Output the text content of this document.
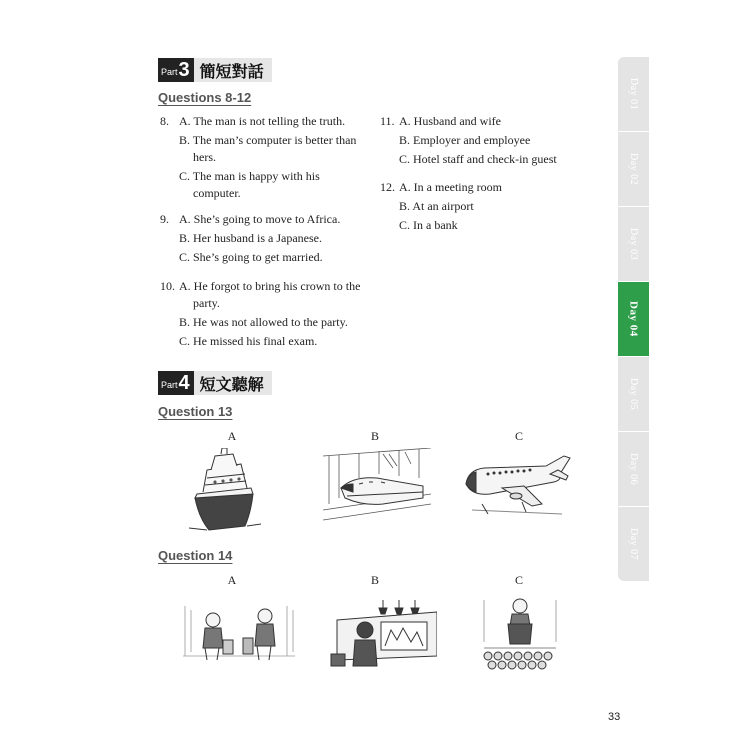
Part 3 簡短對話
Questions 8-12
8. A. The man is not telling the truth.
B. The man’s computer is better than hers.
C. The man is happy with his computer.
9. A. She’s going to move to Africa.
B. Her husband is a Japanese.
C. She’s going to get married.
10. A. He forgot to bring his crown to the party.
B. He was not allowed to the party.
C. He missed his final exam.
11. A. Husband and wife
B. Employer and employee
C. Hotel staff and check-in guest
12. A. In a meeting room
B. At an airport
C. In a bank
Part 4 短文聽解
Question 13
A	B	C
Question 14
A	B	C
Day 01
Day 02
Day 03
Day 04
Day 05
Day 06
Day 07
33
